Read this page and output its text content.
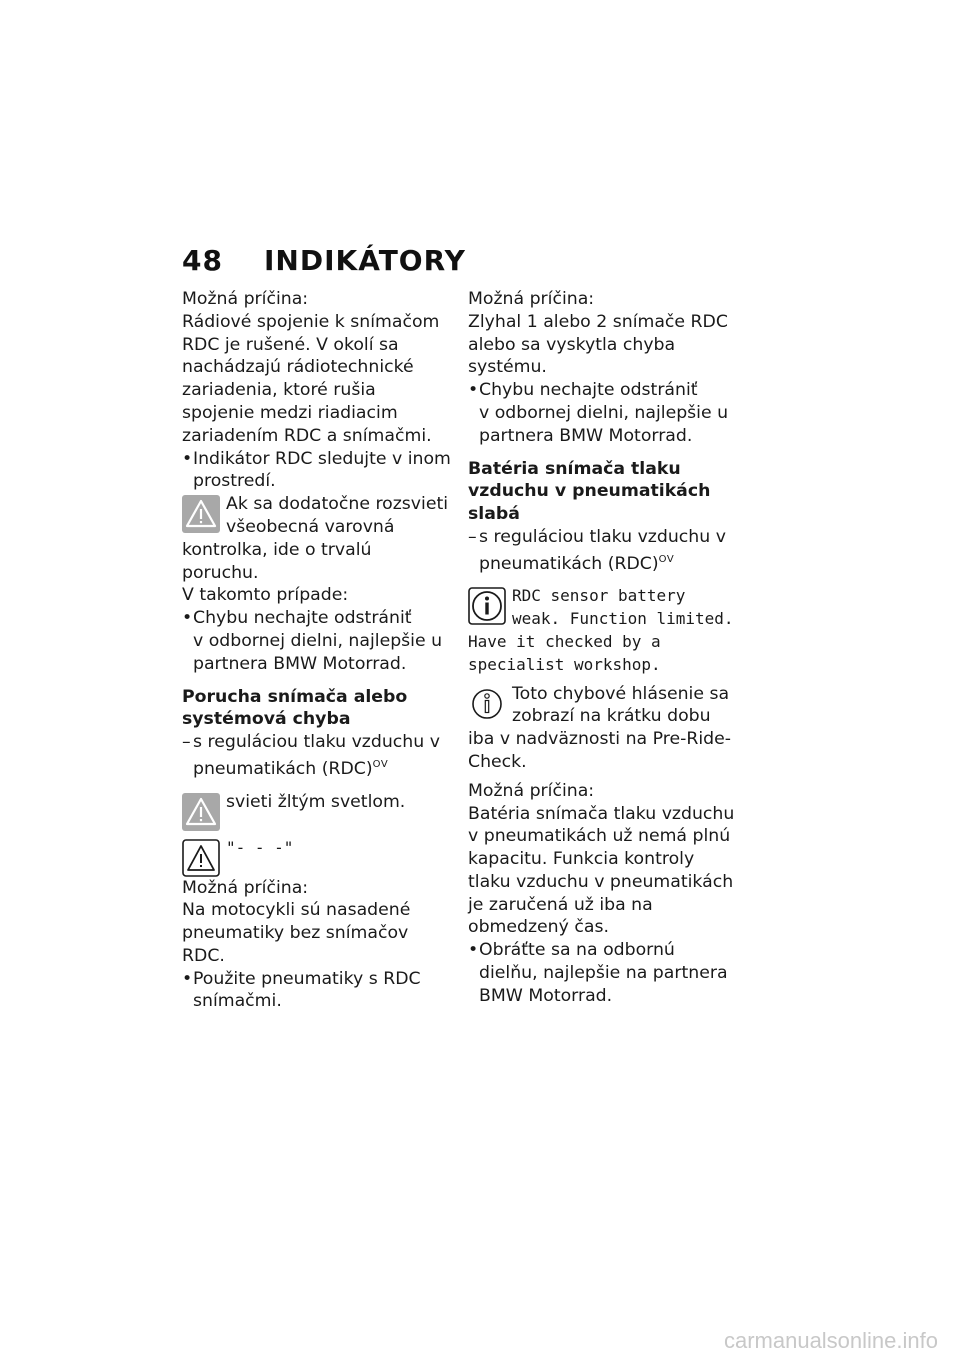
48 INDIKÁTORY

Možná príčina:

Rádiové spojenie k snímačom RDC je rušené. V okolí sa nachádzajú rádiotechnické zariadenia, ktoré rušia spojenie medzi riadiacim zariadením RDC a snímačmi.

• Indikátor RDC sledujte v inom prostredí.

Ak sa dodatočne rozsvieti všeobecná varovná kontrolka, ide o trvalú poruchu.

V takomto prípade:

• Chybu nechajte odstrániť

v odbornej dielni, najlepšie u partnera BMW Motorrad.

Porucha snímača alebo systémová chyba

– s reguláciou tlaku vzduchu v pneumatikách (RDC)$^{OV}$

svieti žltým svetlom.

"- - -"

Možná príčina:

Na motocykli sú nasadené pneumatiky bez snímačov RDC.

• Použite pneumatiky s RDC snímačmi.

Možná príčina:

Zlyhal 1 alebo 2 snímače RDC alebo sa vyskytla chyba systému.

• Chybu nechajte odstrániť

v odbornej dielni, najlepšie u partnera BMW Motorrad.

Batéria snímača tlaku vzduchu v pneumatikách slabá

– s reguláciou tlaku vzduchu v pneumatikách (RDC)$^{OV}$

RDC sensor battery weak. Function limited. Have it checked by a specialist workshop.

Toto chybové hlásenie sa zobrazí na krátku dobu iba v nadväznosti na Pre-Ride-Check.

Možná príčina:

Batéria snímača tlaku vzduchu v pneumatikách už nemá plnú kapacitu. Funkcia kontroly tlaku vzduchu v pneumatikách je zaručená už iba na obmedzený čas.

• Obráťte sa na odbornú dielňu, najlepšie na partnera BMW Motorrad.

carmanualsonline.info
